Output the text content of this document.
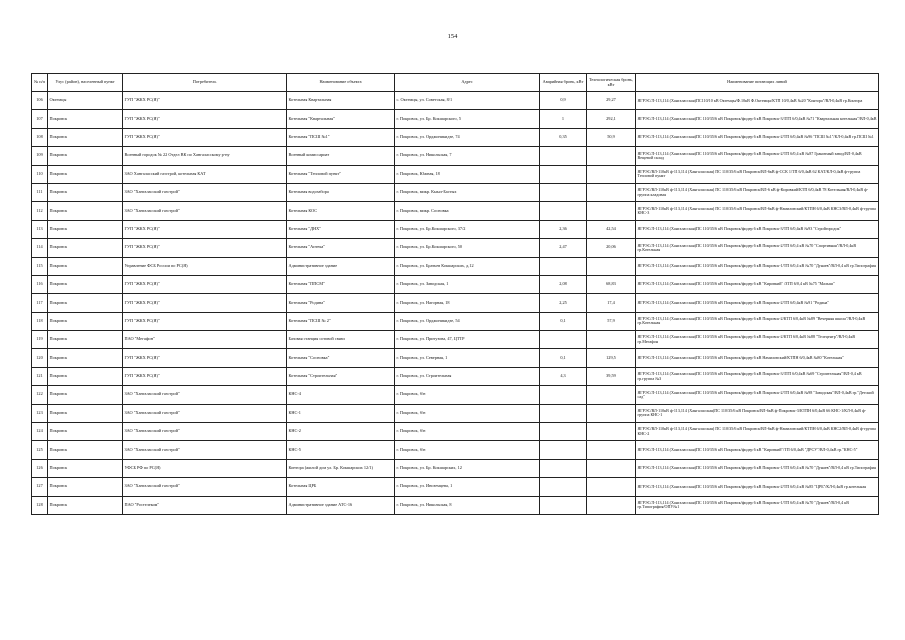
154
№ п/п	Улус (район), населенный пункт	Потребитель	Наименование объекта	Адрес	Аварийная бронь, кВт	Технологическая бронь, кВт	Наименование питающих линий
106	Октемцы	ГУП "ЖКХ РС(Я)"	Котельная Квартальная	с. Октемцы, ул. Советская, 8/1	0,9	29,27	ЯГРЭС/Л-113,114 (Хангаласская)ПС110/10 кВ Октемцы/Ф.10кВ Ф.Октемцы/КТП 10/0,4кВ №20 "Контора"/ВЛ-0,4кВ гр.Контора
107	Покровск	ГУП "ЖКХ РС(Я)"	Котельная "Квартальная"	г. Покровск, ул. Бр. Кокшарского, 5	1	292,1	ЯГРЭС/Л-113,114 (Хангаласская)ПС 110/35/6 кВ Покровск/фидер 6 кВ Покровск-3/ЗТП 6/0,4кВ №71 "Квартальная котельная"/ВЛ-0,4кВ
108	Покровск	ГУП "ЖКХ РС(Я)"	Котельная "ПСШ №1"	г. Покровск, ул. Орджоникидзе, 74	0,35	50,9	ЯГРЭС/Л-113,114 (Хангаласская)ПС 110/35/6 кВ Покровск/фидер 6 кВ Покровск-2/ТП 6/0,4кВ №96 "ПСШ №1"/КЛ-0,4кВ гр.ПСШ №1
109	Покровск	Военный городок № 22 Отдел ВК по Хангаласскому р-ну	Военный комиссариат	г. Покровск, ул. Никольская, 7			ЯГРЭС/Л-113,114 (Хангаласская)ПС 110/35/6 кВ Покровск/фидер 6 кВ Покровск-2/ТП 6/0,4 кВ №87 Гранитный завод/ВЛ-0,4кВ Вещевой склад
110	Покровск	ЗАО Хангаласский газстрой, котельная КАТ	Котельная "Тепловой пункт"	г. Покровск, Южная, 18			ЯГРЭС/ВЛ-110кВ ф-113,114 (Хангаласская) ПС 110/35/6 кВ Покровск/ВЛ-6кВ ф-ССК 1/ТП 6/0,4кВ 62 КАТ/КЛ-0,4кВ ф-группа Тепловой пункт
111	Покровск	ЗАО "Хангаласский газстрой"	Котельная водозабора	г. Покровск, микр. Кыыл-Бастых			ЯГРЭС/ВЛ-110кВ ф-113,114 (Хангаласская) ПС 110/35/6 кВ Покровск/ВЛ-6 кВ ф-Кировкий/КТП 6/0,4кВ 78 Котельная/ВЛ-0,4кВ ф-группа кладовая
112	Покровск	ЗАО "Хангаласский газстрой"	Котельная КОС	г. Покровск, микр. Сосновка			ЯГРЭС/ВЛ-110кВ ф-113,114 (Хангаласская) ПС 110/35/6 кВ Покровск/ВЛ-6кВ ф-Намиловский/КТПН 6/0,4кВ КНС3/ВЛ-0,4кВ ф-группа КНС-3
113	Покровск	ГУП "ЖКХ РС(Я)"	Котельная "ДНХ"	г. Покровск, ул. Бр.Кокшарского, 37/2	2,36	42,54	ЯГРЭС/Л-113,114 (Хангаласская)ПС 110/35/6 кВ Покровск/фидер 6 кВ Покровск-3/ТП 6/0,4кВ №93 "Стройгородок"
114	Покровск	ГУП "ЖКХ РС(Я)"	Котельная "Аптека"	г. Покровск, ул. Бр.Кокшарского, 50	2,47	20,06	ЯГРЭС/Л-113,114 (Хангаласская)ПС 110/35/6 кВ Покровск/фидер 6 кВ Покровск-2/ТП 6/0,4 кВ №70 "Спортивная"/ВЛ-0,4кВ гр.Котельная
115	Покровск	Управление ФСБ России по РС(Я)	Административное здание	г. Покровск, ул. Братьев Кокшарских, д.12			ЯГРЭС/Л-113,114 (Хангаласская)ПС 110/35/6 кВ Покровск/фидер 6 кВ Покровск-1/ТП 6/0,4 кВ №70 "Дунаев"/ВЛ-0,4 кВ гр.Типография
116	Покровск	ГУП "ЖКХ РС(Я)"	Котельная "ППСМ"	г. Покровск, ул. Заводская, 1	2,08	68,83	ЯГРЭС/Л-113,114 (Хангаласская)ПС 110/35/6 кВ Покровск/фидер 6 кВ "Кировкий" /ЗТП 6/0,4 кВ №75 "Малыш"
117	Покровск	ГУП "ЖКХ РС(Я)"	Котельная "Родина"	г. Покровск, ул. Нагорная, 18	2,25	17,4	ЯГРЭС/Л-113,114 (Хангаласская)ПС 110/35/6 кВ Покровск/фидер 6 кВ Покровск-2/ТП 6/0,4кВ №91 "Родина"
118	Покровск	ГУП "ЖКХ РС(Я)"	Котельная "ПСШ № 2"	г. Покровск, ул. Орджоникидзе, 54	0,1	57,9	ЯГРЭС/Л-113,114 (Хангаласская)ПС 110/35/6 кВ Покровск/фидер 6 кВ Покровск-2/КТП 6/0,4кВ №89 "Вечерняя школа"/ВЛ-0,4кВ гр.Котельная
119	Покровск	ПАО "Мегафон"	Базовая станция сотовой связи	г. Покровск, ул. Притузова, 47, ЦТТР			ЯГРЭС/Л-113,114 (Хангаласская)ПС 110/35/6 кВ Покровск/фидер 6 кВ Покровск-2/КТП 6/0,4кВ №88 "Телецентр"/ВЛ-0,4кВ гр.Мегафон
120	Покровск	ГУП "ЖКХ РС(Я)"	Котельная "Сосновка"	г. Покровск, ул. Северная, 1	0,1	129,5	ЯГРЭС/Л-113,114 (Хангаласская)ПС 110/35/6 кВ Покровск/фидер 6 кВ Намиловский/КТПН 6/0,4кВ №80 "Котельная"
121	Покровск	ГУП "ЖКХ РС(Я)"	Котельная "Строительная"	г. Покровск, ул. Строительная	4,3	39,59	ЯГРЭС/Л-113,114 (Хангаласская)ПС 110/35/6 кВ Покровск/фидер 6 кВ Покровск-3/ЗТП 6/0,4кВ №69 "Строительная"/ВЛ-0,4 кВ гр.группа №3
122	Покровск	ЗАО "Хангаласский газстрой"	КНС-4	г. Покровск, б/н			ЯГРЭС/Л-113,114 (Хангаласская)ПС 110/35/6 кВ Покровск/фидер 6 кВ Покровск-2/ТП 6/0,4кВ №98 "Заводская"/ВЛ-0,4кВ гр."Детский сад"
123	Покровск	ЗАО "Хангаласский газстрой"	КНС-1	г. Покровск, б/н			ЯГРЭС/ВЛ-110кВ ф-113,114 (Хангаласская)ПС 110/35/6 кВ Покровск/ВЛ-6кВ ф-Покровск-3/КТПН 6/0,4кВ 66 КНС-1/КЛ-0,4кВ ф-группа КНС-1
124	Покровск	ЗАО "Хангаласский газстрой"	КНС-2	г. Покровск, б/н			ЯГРЭС/ВЛ-110кВ ф-113,114 (Хангаласская) ПС 110/35/6 кВ Покровск/ВЛ-6кВ ф-Намиловский/КТПН 6/0,4кВ КНС2/ВЛ-0,4кВ ф-группа КНС-2
125	Покровск	ЗАО "Хангаласский газстрой"	КНС-5	г. Покровск, б/н			ЯГРЭС/Л-113,114 (Хангаласская)ПС 110/35/6 кВ Покровск/фидер 6 кВ "Кировкий"/ТП 6/0,4кВ "ДРСУ"/ВЛ-0,4кВ гр."КНС-5"
126	Покровск	УФСБ РФ по РС(Я)	Контора (жилой дом ул. Бр. Кокшарских 12/1)	г. Покровск, ул. Бр. Кокшарских, 12			ЯГРЭС/Л-113,114 (Хангаласская)ПС 110/35/6 кВ Покровск/фидер 6 кВ Покровск-1/ТП 6/0,4 кВ №70 "Дунаев"/ВЛ-0,4 кВ гр.Типография
127	Покровск	ЗАО "Хангаласский газстрой"	Котельная ЦРБ	г. Покровск, ул. Иноземцева, 1			ЯГРЭС/Л-113,114 (Хангаласская)ПС 110/35/6 кВ Покровск/фидер 6 кВ Покровск-2/ТП 6/0,4 кВ №85 "ЦРБ"/КЛ-0,4кВ гр.котельная
128	Покровск	ПАО "Ростелеком"	Административное здание АТС-16	г. Покровск, ул. Никольская, 8			ЯГРЭС/Л-113,114 (Хангаласская)ПС 110/35/6 кВ Покровск/фидер 6 кВ Покровск-1/ТП 6/0,4 кВ №70 "Дунаев"/ВЛ-0,4 кВ гр.Типография/ОПУ№1
